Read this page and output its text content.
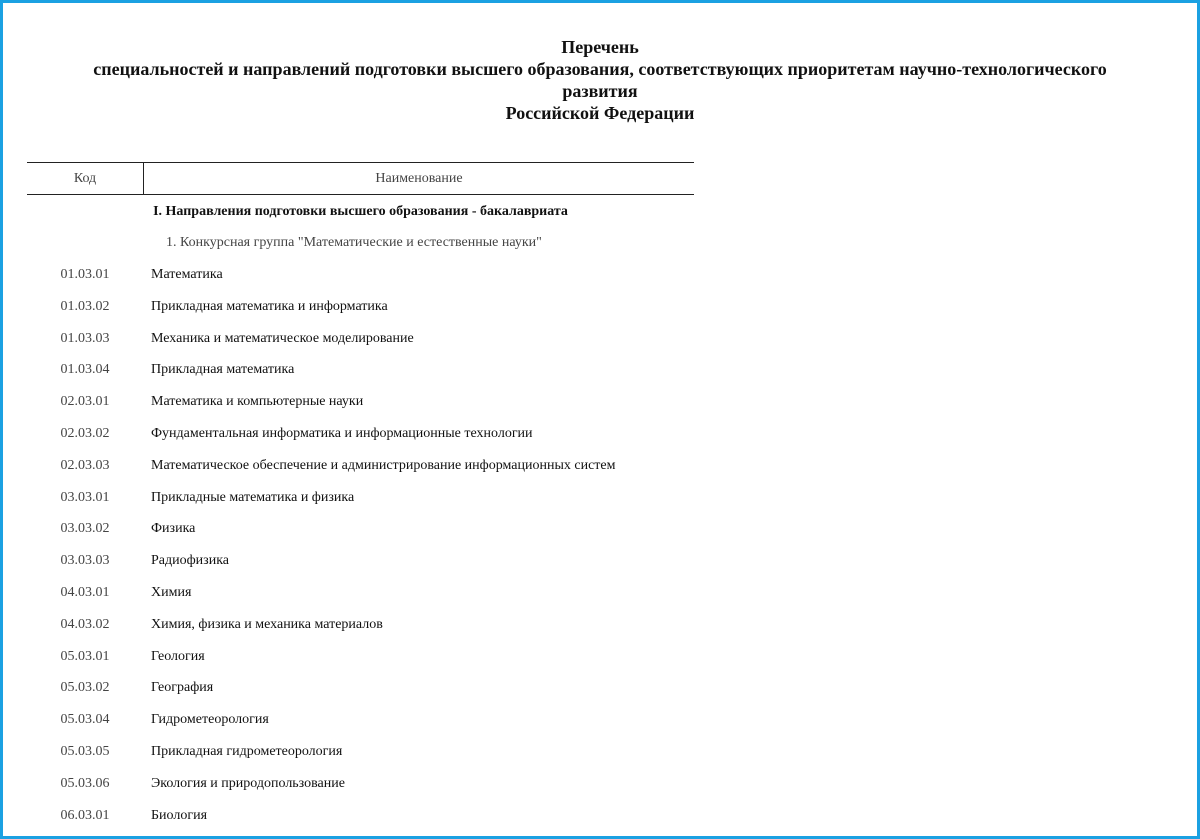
Перечень
специальностей и направлений подготовки высшего образования, соответствующих приоритетам научно-технологического
развития
Российской Федерации
Код	Наименование
I. Направления подготовки высшего образования - бакалавриата
1. Конкурсная группа "Математические и естественные науки"
01.03.01	Математика
01.03.02	Прикладная математика и информатика
01.03.03	Механика и математическое моделирование
01.03.04	Прикладная математика
02.03.01	Математика и компьютерные науки
02.03.02	Фундаментальная информатика и информационные технологии
02.03.03	Математическое обеспечение и администрирование информационных систем
03.03.01	Прикладные математика и физика
03.03.02	Физика
03.03.03	Радиофизика
04.03.01	Химия
04.03.02	Химия, физика и механика материалов
05.03.01	Геология
05.03.02	География
05.03.04	Гидрометеорология
05.03.05	Прикладная гидрометеорология
05.03.06	Экология и природопользование
06.03.01	Биология
